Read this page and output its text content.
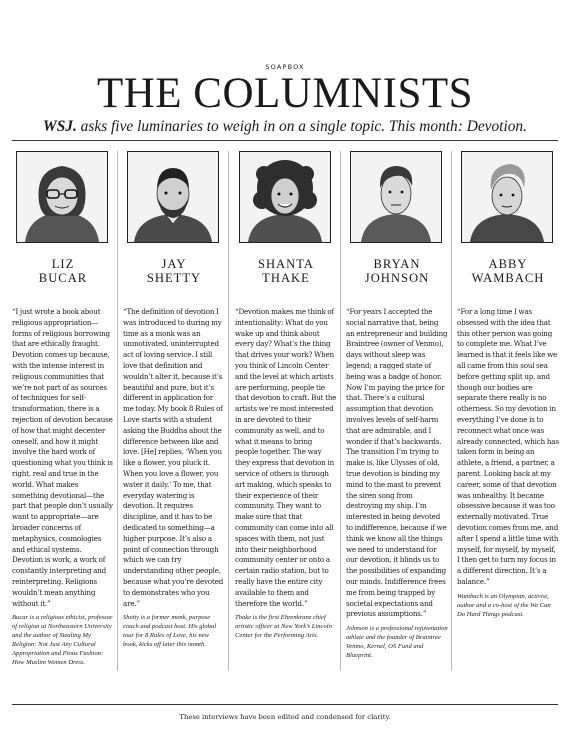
SOAPBOX
THE COLUMNISTS
WSJ. asks five luminaries to weigh in on a single topic. This month: Devotion.
LIZ
BUCAR
“I just wrote a book about religious appropriation—forms of religious borrowing that are ethically fraught. Devotion comes up because, with the intense interest in religious communities that we’re not part of as sources of techniques for self-transformation, there is a rejection of devotion because of how that might decenter oneself, and how it might involve the hard work of questioning what you think is right, real and true in the world. What makes something devotional—the part that people don’t usually want to appropriate—are broader concerns of metaphysics, cosmologies and ethical systems. Devotion is work, a work of constantly interpreting and reinterpreting. Religions wouldn’t mean anything without it.”
Bucar is a religious ethicist, professor of religion at Northeastern University and the author of Stealing My Religion: Not Just Any Cultural Appropriation and Pious Fashion: How Muslim Women Dress.
JAY
SHETTY
“The definition of devotion I was introduced to during my time as a monk was an unmotivated, uninterrupted act of loving service. I still love that definition and wouldn’t alter it, because it’s beautiful and pure, but it’s different in application for me today. My book 8 Rules of Love starts with a student asking the Buddha about the difference between like and love. [He] replies, ‘When you like a flower, you pluck it. When you love a flower, you water it daily.’ To me, that everyday watering is devotion. It requires discipline, and it has to be dedicated to something—a higher purpose. It’s also a point of connection through which we can try understanding other people, because what you’re devoted to demonstrates who you are.”
Shetty is a former monk, purpose coach and podcast host. His global tour for 8 Rules of Love, his new book, kicks off later this month.
SHANTA
THAKE
“Devotion makes me think of intentionality: What do you wake up and think about every day? What’s the thing that drives your work? When you think of Lincoln Center and the level at which artists are performing, people tie that devotion to craft. But the artists we’re most interested in are devoted to their community as well, and to what it means to bring people together. The way they express that devotion in service of others is through art making, which speaks to their experience of their community. They want to make sure that that community can come into all spaces with them, not just into their neighborhood community center or onto a certain radio station, but to really have the entire city available to them and therefore the world.”
Thake is the first Ehrenkranz chief artistic officer at New York’s Lincoln Center for the Performing Arts.
BRYAN
JOHNSON
“For years I accepted the social narrative that, being an entrepreneur and building Braintree (owner of Venmo), days without sleep was legend; a ragged state of being was a badge of honor. Now I’m paying the price for that. There’s a cultural assumption that devotion involves levels of self-harm that are admirable, and I wonder if that’s backwards. The transition I’m trying to make is, like Ulysses of old, true devotion is binding my mind to the mast to prevent the siren song from destroying my ship. I’m interested in being devoted to indifference, because if we think we know all the things we need to understand for our devotion, it blinds us to the possibilities of expanding our minds. Indifference frees me from being trapped by societal expectations and previous assumptions.”
Johnson is a professional rejuvenation athlete and the founder of Braintree Venmo, Kernel, OS Fund and Blueprint.
ABBY
WAMBACH
“For a long time I was obsessed with the idea that this other person was going to complete me. What I’ve learned is that it feels like we all came from this soul sea before getting split up, and though our bodies are separate there really is no otherness. So my devotion in everything I’ve done is to reconnect what once was already connected, which has taken form in being an athlete, a friend, a partner, a parent. Looking back at my career, some of that devotion was unhealthy. It became obsessive because it was too externally motivated. True devotion comes from me, and after I spend a little time with myself, for myself, by myself, I then get to turn my focus in a different direction. It’s a balance.”
Wambach is an Olympian, activist, author and a co-host of the We Can Do Hard Things podcast.
These interviews have been edited and condensed for clarity.
